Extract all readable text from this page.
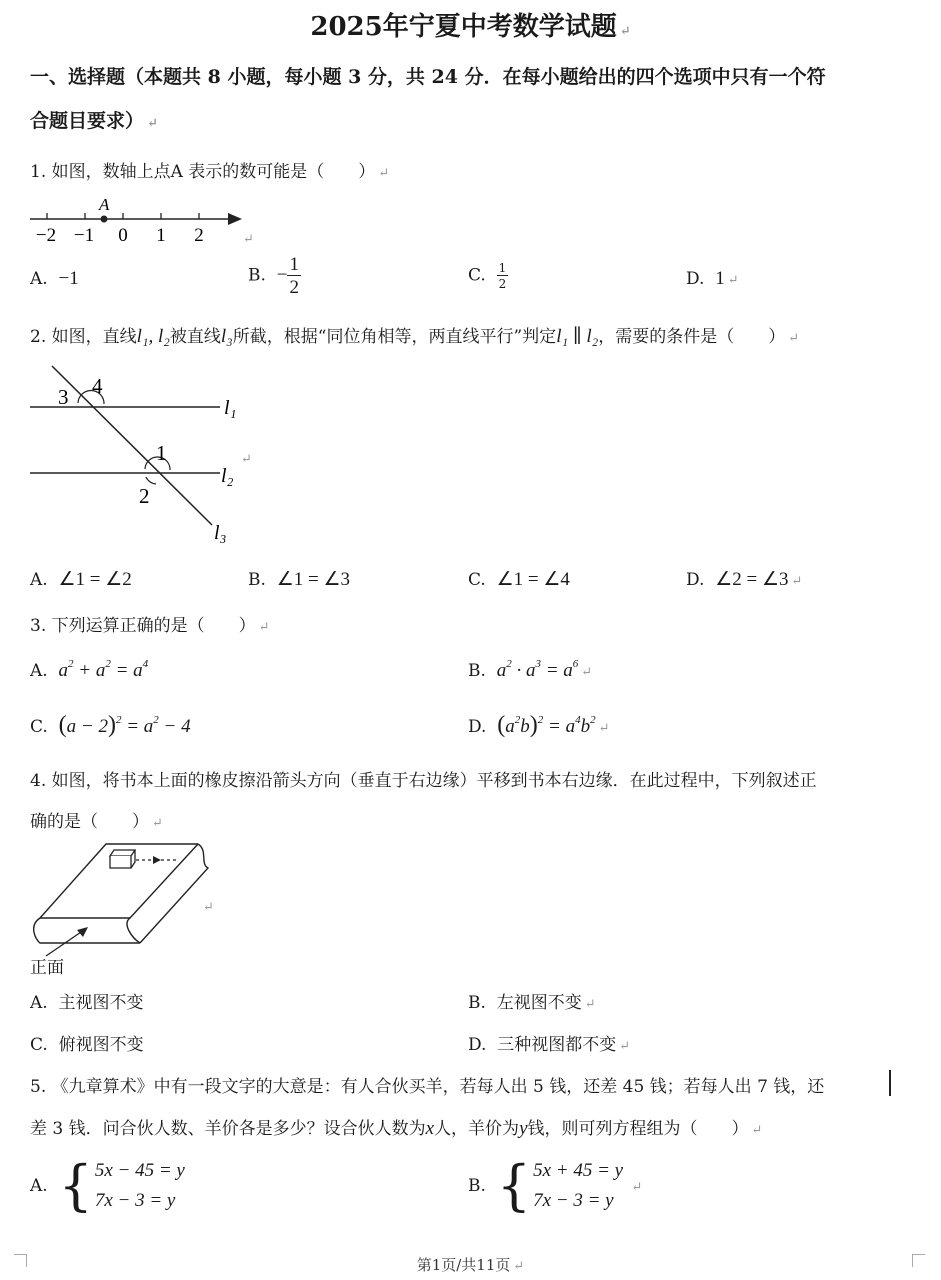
2025年宁夏中考数学试题 ↵
一、选择题（本题共 8 小题，每小题 3 分，共 24 分．在每小题给出的四个选项中只有一个符
合题目要求） ↵
1. 如图，数轴上点A 表示的数可能是（　　） ↵
A
−2 −1 0 1 2	↵
A. −1	B. − $\frac{1}{2}$	C. $\frac{1}{2}$	D. 1 ↵
2. 如图，直线l₁, l₂被直线l₃所截，根据“同位角相等，两直线平行”判定l₁ ∥ l₂，需要的条件是（　　） ↵
3 4
1
2
l₁
l₂
l₃
↵
A. ∠1 = ∠2	B. ∠1 = ∠3	C. ∠1 = ∠4	D. ∠2 = ∠3 ↵
3. 下列运算正确的是（　　） ↵
A. $a^2 + a^2 = a^4$	B. $a^2 \cdot a^3$ = $a^6↵$
C. $(a - 2)^2 = a^2 - 4$	D. $(a^2b)^2$ = $a^4b^2↵$
4. 如图，将书本上面的橡皮擦沿箭头方向（垂直于右边缘）平移到书本右边缘．在此过程中，下列叙述正
确的是（　　） ↵
正面
↵
A. 主视图不变	B. 左视图不变 ↵
C. 俯视图不变	D. 三种视图都不变 ↵
5. 《九章算术》中有一段文字的大意是：有人合伙买羊，若每人出 5 钱，还差 45 钱；若每人出 7 钱，还
差 3 钱．问合伙人数、羊价各是多少？设合伙人数为x人，羊价为y钱，则可列方程组为（　　） ↵
A. { 5x − 45 = y
7x − 3 = y
B. { 5x + 45 = y
7x − 3 = y
↵
第1页/共11页 ↵
